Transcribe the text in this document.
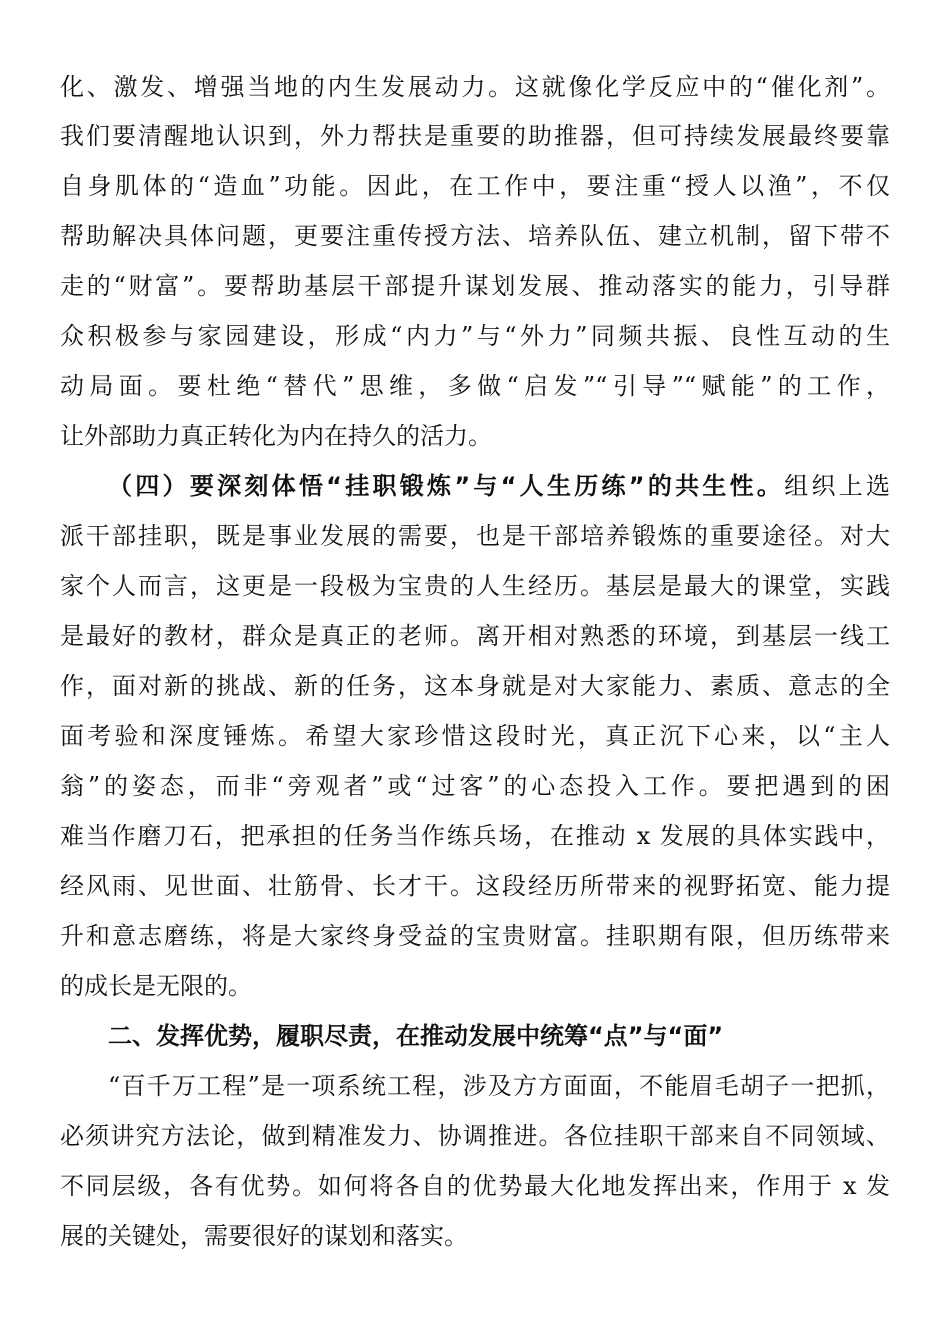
化、激发、增强当地的内生发展动力。这就像化学反应中的“催化剂”。

我们要清醒地认识到，外力帮扶是重要的助推器，但可持续发展最终要靠

自身肌体的“造血”功能。因此，在工作中，要注重“授人以渔”，不仅

帮助解决具体问题，更要注重传授方法、培养队伍、建立机制，留下带不

走的“财富”。要帮助基层干部提升谋划发展、推动落实的能力，引导群

众积极参与家园建设，形成“内力”与“外力”同频共振、良性互动的生

动局面。要杜绝“替代”思维，多做“启发”“引导”“赋能”的工作，

让外部助力真正转化为内在持久的活力。

（四）要深刻体悟“挂职锻炼”与“人生历练”的共生性。组织上选

派干部挂职，既是事业发展的需要，也是干部培养锻炼的重要途径。对大

家个人而言，这更是一段极为宝贵的人生经历。基层是最大的课堂，实践

是最好的教材，群众是真正的老师。离开相对熟悉的环境，到基层一线工

作，面对新的挑战、新的任务，这本身就是对大家能力、素质、意志的全

面考验和深度锤炼。希望大家珍惜这段时光，真正沉下心来，以“主人

翁”的姿态，而非“旁观者”或“过客”的心态投入工作。要把遇到的困

难当作磨刀石，把承担的任务当作练兵场，在推动 x 发展的具体实践中，

经风雨、见世面、壮筋骨、长才干。这段经历所带来的视野拓宽、能力提

升和意志磨练，将是大家终身受益的宝贵财富。挂职期有限，但历练带来

的成长是无限的。

二、发挥优势，履职尽责，在推动发展中统筹“点”与“面”

“百千万工程”是一项系统工程，涉及方方面面，不能眉毛胡子一把抓，

必须讲究方法论，做到精准发力、协调推进。各位挂职干部来自不同领域、

不同层级，各有优势。如何将各自的优势最大化地发挥出来，作用于 x 发

展的关键处，需要很好的谋划和落实。
